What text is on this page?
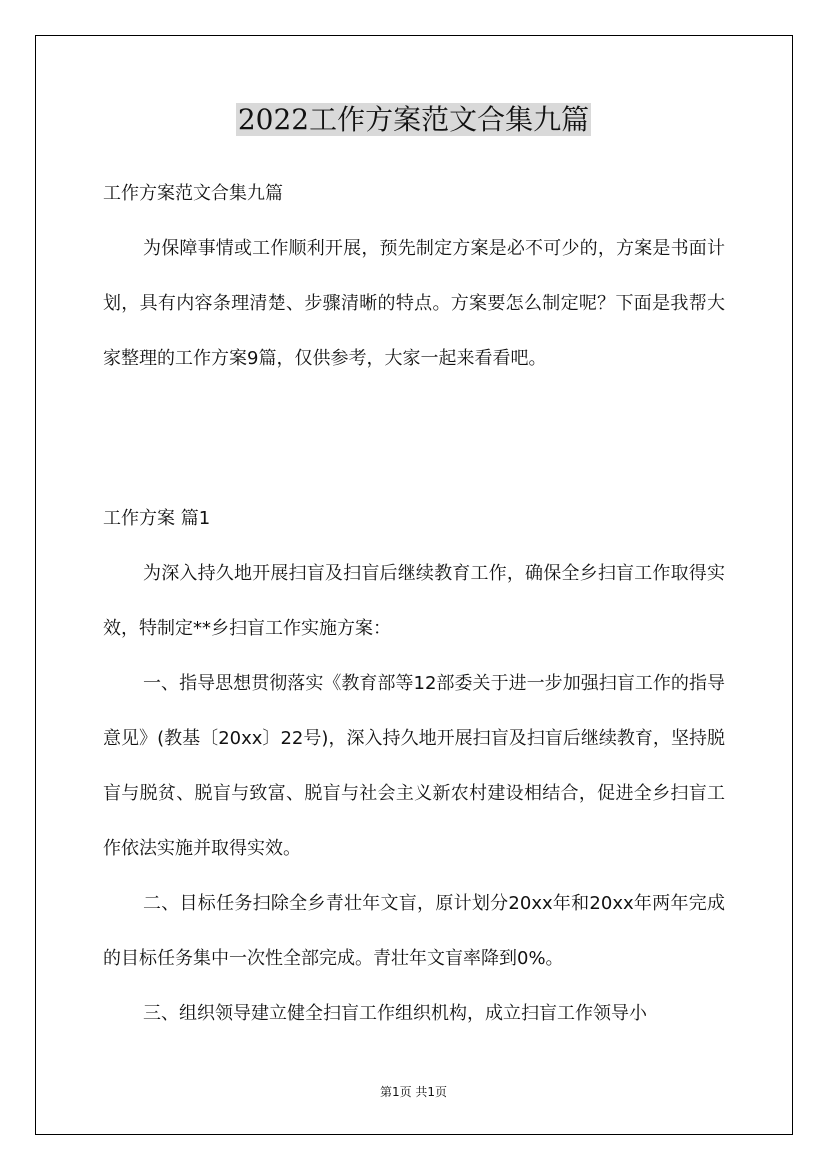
2022工作方案范文合集九篇

工作方案范文合集九篇

为保障事情或工作顺利开展，预先制定方案是必不可少的，方案是书面计划，具有内容条理清楚、步骤清晰的特点。方案要怎么制定呢？下面是我帮大家整理的工作方案9篇，仅供参考，大家一起来看看吧。

工作方案 篇1

为深入持久地开展扫盲及扫盲后继续教育工作，确保全乡扫盲工作取得实效，特制定**乡扫盲工作实施方案：

一、指导思想贯彻落实《教育部等12部委关于进一步加强扫盲工作的指导意见》(教基〔20xx〕22号)，深入持久地开展扫盲及扫盲后继续教育，坚持脱盲与脱贫、脱盲与致富、脱盲与社会主义新农村建设相结合，促进全乡扫盲工作依法实施并取得实效。

二、目标任务扫除全乡青壮年文盲，原计划分20xx年和20xx年两年完成的目标任务集中一次性全部完成。青壮年文盲率降到0%。

三、组织领导建立健全扫盲工作组织机构，成立扫盲工作领导小

第1页 共1页
